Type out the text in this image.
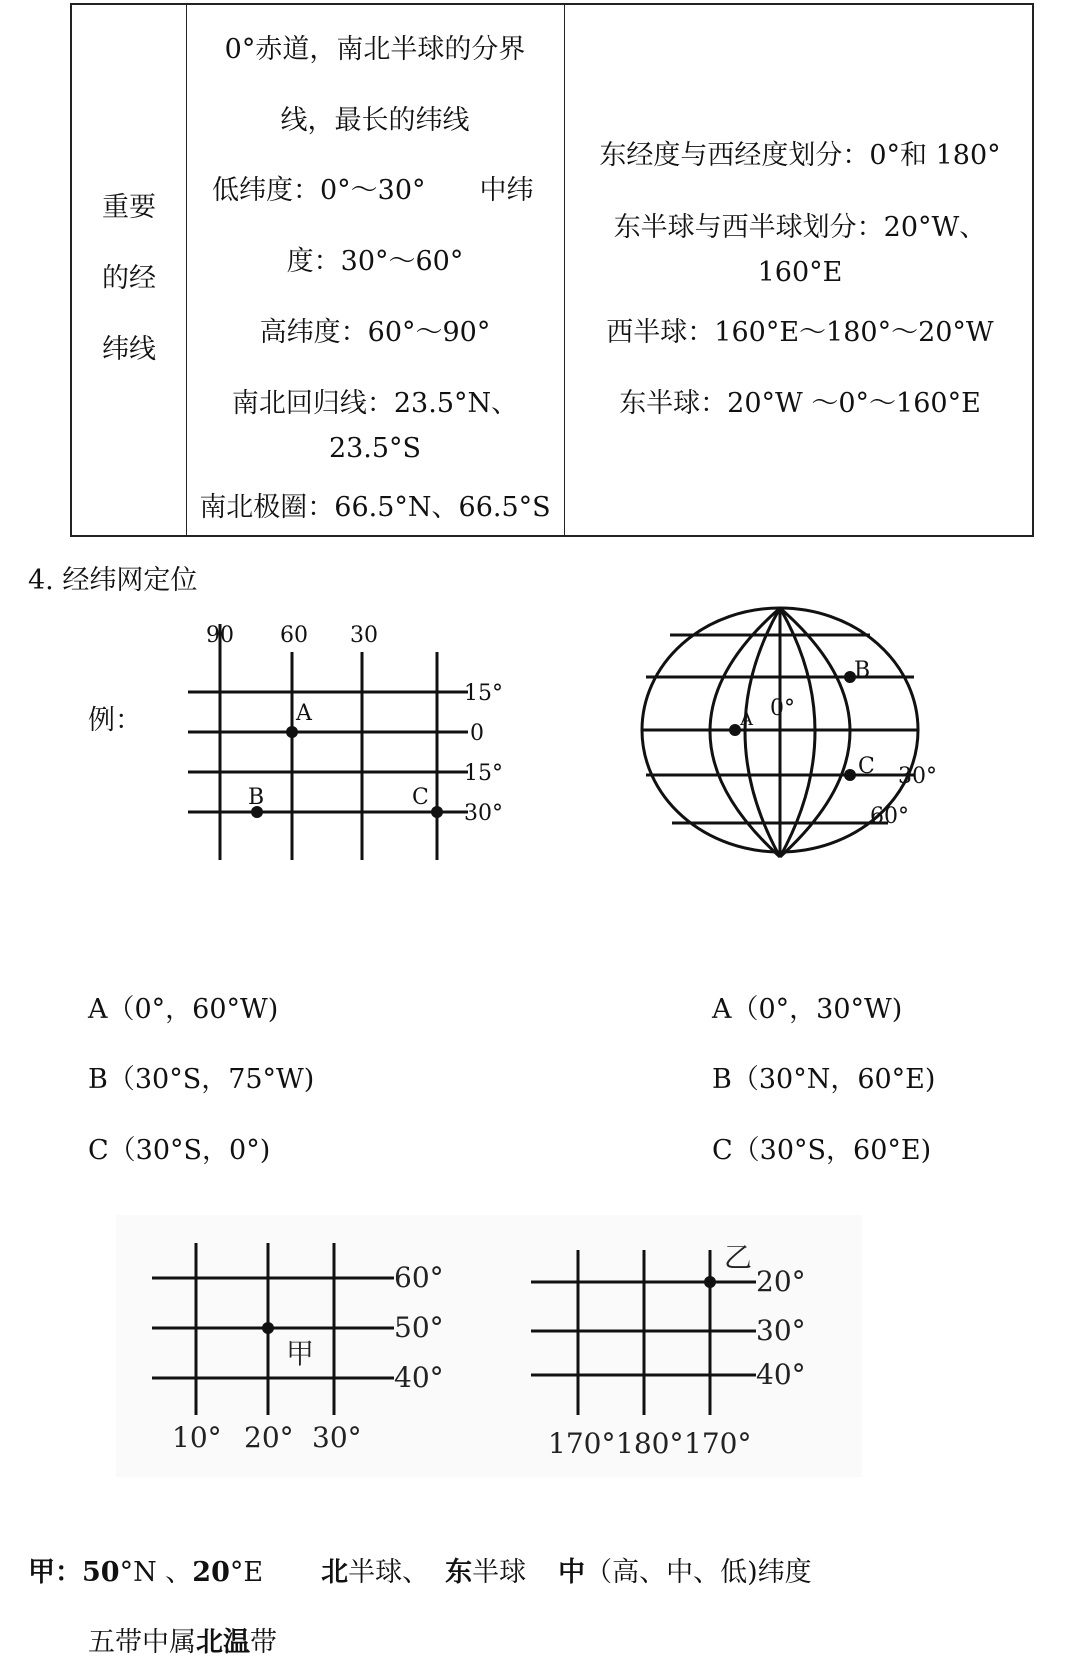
重要
的经
纬线
0°赤道，南北半球的分界
线，最长的纬线
低纬度：0°～30°　　中纬
度：30°～60°
高纬度：60°～90°
南北回归线：23.5°N、
23.5°S
南北极圈：66.5°N、66.5°S
东经度与西经度划分：0°和 180°
东半球与西半球划分：20°W、
160°E
西半球：160°E～180°～20°W
东半球：20°W ～0°～160°E
4. 经纬网定位
例：
90 60 30
15°
0
15°
30°
A
B	C
B
A 0°
C 30°
60°
A（0°，60°W)
B（30°S，75°W)
C（30°S，0°)
A（0°，30°W)
B（30°N，60°E)
C（30°S，60°E)
60°
50°
40°
10° 20° 30°
甲
20°
30°
40°
170° 180° 170°
乙
甲：50°N 、20°E 北半球、 东半球 中（高、中、低)纬度
五带中属北温带
